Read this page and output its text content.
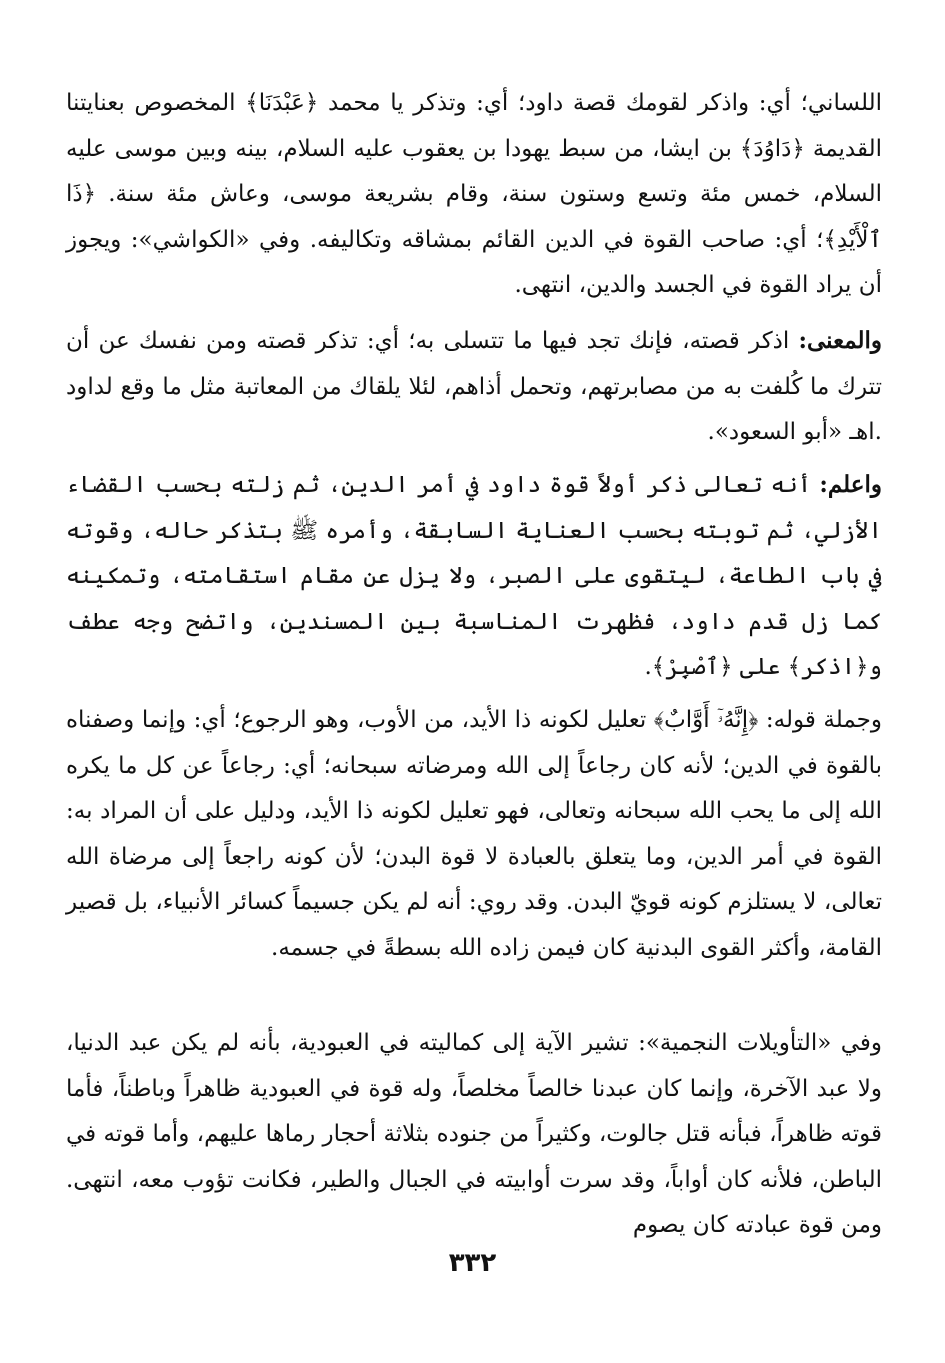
اللساني؛ أي: واذكر لقومك قصة داود؛ أي: وتذكر يا محمد ﴿عَبْدَنَا﴾ المخصوص بعنايتنا القديمة ﴿دَاوُدَ﴾ بن ايشا، من سبط يهودا بن يعقوب عليه السلام، بينه وبين موسى عليه السلام، خمس مئة وتسع وستون سنة، وقام بشريعة موسى، وعاش مئة سنة. ﴿ذَا ٱلْأَيْدِ﴾؛ أي: صاحب القوة في الدين القائم بمشاقه وتكاليفه. وفي «الكواشي»: ويجوز أن يراد القوة في الجسد والدين، انتهى.

والمعنى: اذكر قصته، فإنك تجد فيها ما تتسلى به؛ أي: تذكر قصته ومن نفسك عن أن تترك ما كُلفت به من مصابرتهم، وتحمل أذاهم، لئلا يلقاك من المعاتبة مثل ما وقع لداود .اهـ «أبو السعود».

واعلم: أنه تعالى ذكر أولاً قوة داود في أمر الدين، ثم زلته بحسب القضاء الأزلي، ثم توبته بحسب العناية السابقة، وأمره ﷺ بتذكر حاله، وقوته في باب الطاعة، ليتقوى على الصبر، ولا يزل عن مقام استقامته، وتمكينه كما زل قدم داود، فظهرت المناسبة بين المسندين، واتضح وجه عطف و﴿اذكر﴾ على ﴿ٱصْبِرْ﴾.

وجملة قوله: ﴿إِنَّهُۥٓ أَوَّابٌ﴾ تعليل لكونه ذا الأيد، من الأوب، وهو الرجوع؛ أي: وإنما وصفناه بالقوة في الدين؛ لأنه كان رجاعاً إلى الله ومرضاته سبحانه؛ أي: رجاعاً عن كل ما يكره الله إلى ما يحب الله سبحانه وتعالى، فهو تعليل لكونه ذا الأيد، ودليل على أن المراد به: القوة في أمر الدين، وما يتعلق بالعبادة لا قوة البدن؛ لأن كونه راجعاً إلى مرضاة الله تعالى، لا يستلزم كونه قويّ البدن. وقد روي: أنه لم يكن جسيماً كسائر الأنبياء، بل قصير القامة، وأكثر القوى البدنية كان فيمن زاده الله بسطةً في جسمه.

وفي «التأويلات النجمية»: تشير الآية إلى كماليته في العبودية، بأنه لم يكن عبد الدنيا، ولا عبد الآخرة، وإنما كان عبدنا خالصاً مخلصاً، وله قوة في العبودية ظاهراً وباطناً، فأما قوته ظاهراً، فبأنه قتل جالوت، وكثيراً من جنوده بثلاثة أحجار رماها عليهم، وأما قوته في الباطن، فلأنه كان أواباً، وقد سرت أوابيته في الجبال والطير، فكانت تؤوب معه، انتهى. ومن قوة عبادته كان يصوم

٣٣٢
